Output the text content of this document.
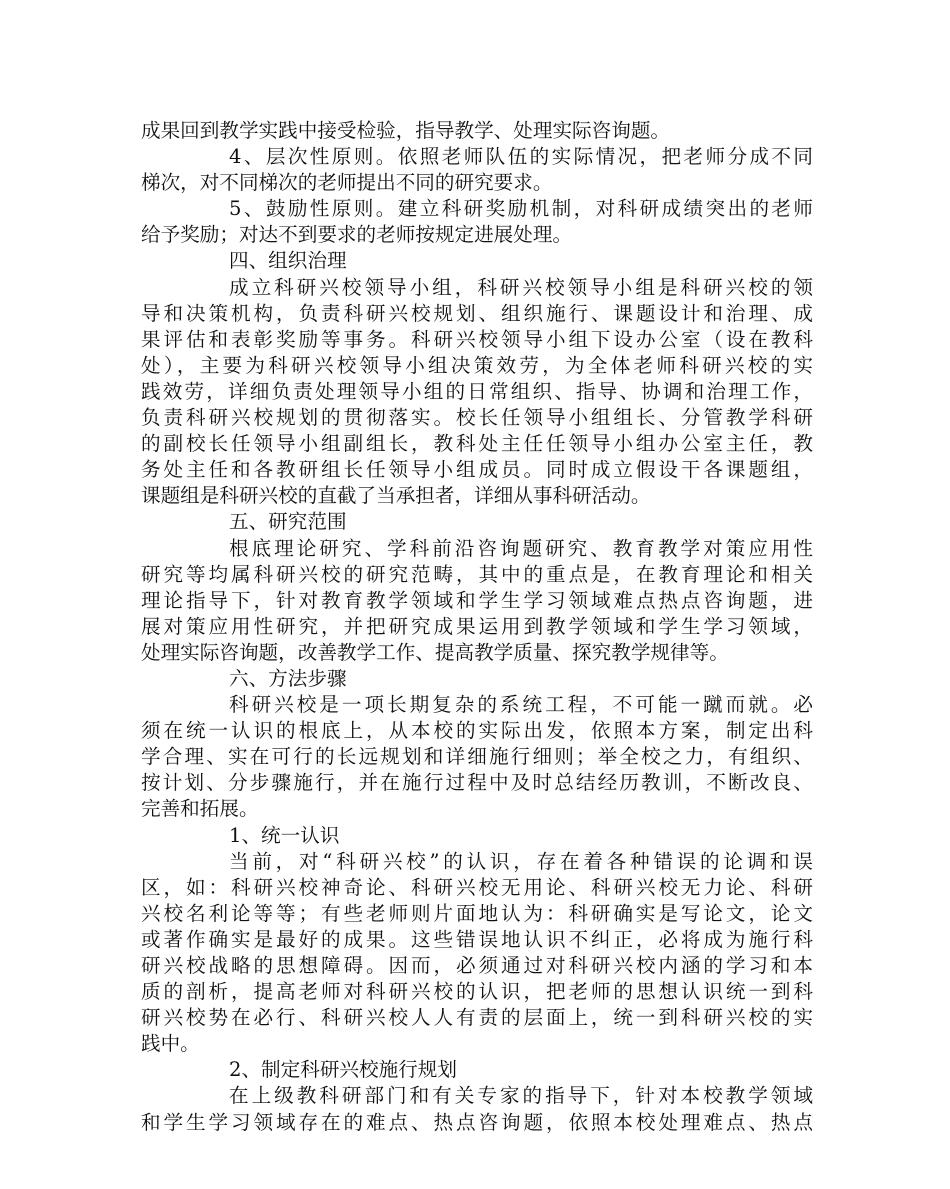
成果回到教学实践中接受检验，指导教学、处理实际咨询题。
4、层次性原则。依照老师队伍的实际情况，把老师分成不同
梯次，对不同梯次的老师提出不同的研究要求。
5、鼓励性原则。建立科研奖励机制，对科研成绩突出的老师
给予奖励；对达不到要求的老师按规定进展处理。
四、组织治理
成立科研兴校领导小组，科研兴校领导小组是科研兴校的领
导和决策机构，负责科研兴校规划、组织施行、课题设计和治理、成
果评估和表彰奖励等事务。科研兴校领导小组下设办公室（设在教科
处），主要为科研兴校领导小组决策效劳，为全体老师科研兴校的实
践效劳，详细负责处理领导小组的日常组织、指导、协调和治理工作，
负责科研兴校规划的贯彻落实。校长任领导小组组长、分管教学科研
的副校长任领导小组副组长，教科处主任任领导小组办公室主任，教
务处主任和各教研组长任领导小组成员。同时成立假设干各课题组，
课题组是科研兴校的直截了当承担者，详细从事科研活动。
五、研究范围
根底理论研究、学科前沿咨询题研究、教育教学对策应用性
研究等均属科研兴校的研究范畴，其中的重点是，在教育理论和相关
理论指导下，针对教育教学领域和学生学习领域难点热点咨询题，进
展对策应用性研究，并把研究成果运用到教学领域和学生学习领域，
处理实际咨询题，改善教学工作、提高教学质量、探究教学规律等。
六、方法步骤
科研兴校是一项长期复杂的系统工程，不可能一蹴而就。必
须在统一认识的根底上，从本校的实际出发，依照本方案，制定出科
学合理、实在可行的长远规划和详细施行细则；举全校之力，有组织、
按计划、分步骤施行，并在施行过程中及时总结经历教训，不断改良、
完善和拓展。
1、统一认识
当前，对“科研兴校”的认识，存在着各种错误的论调和误
区，如：科研兴校神奇论、科研兴校无用论、科研兴校无力论、科研
兴校名利论等等；有些老师则片面地认为：科研确实是写论文，论文
或著作确实是最好的成果。这些错误地认识不纠正，必将成为施行科
研兴校战略的思想障碍。因而，必须通过对科研兴校内涵的学习和本
质的剖析，提高老师对科研兴校的认识，把老师的思想认识统一到科
研兴校势在必行、科研兴校人人有责的层面上，统一到科研兴校的实
践中。
2、制定科研兴校施行规划
在上级教科研部门和有关专家的指导下，针对本校教学领域
和学生学习领域存在的难点、热点咨询题，依照本校处理难点、热点
